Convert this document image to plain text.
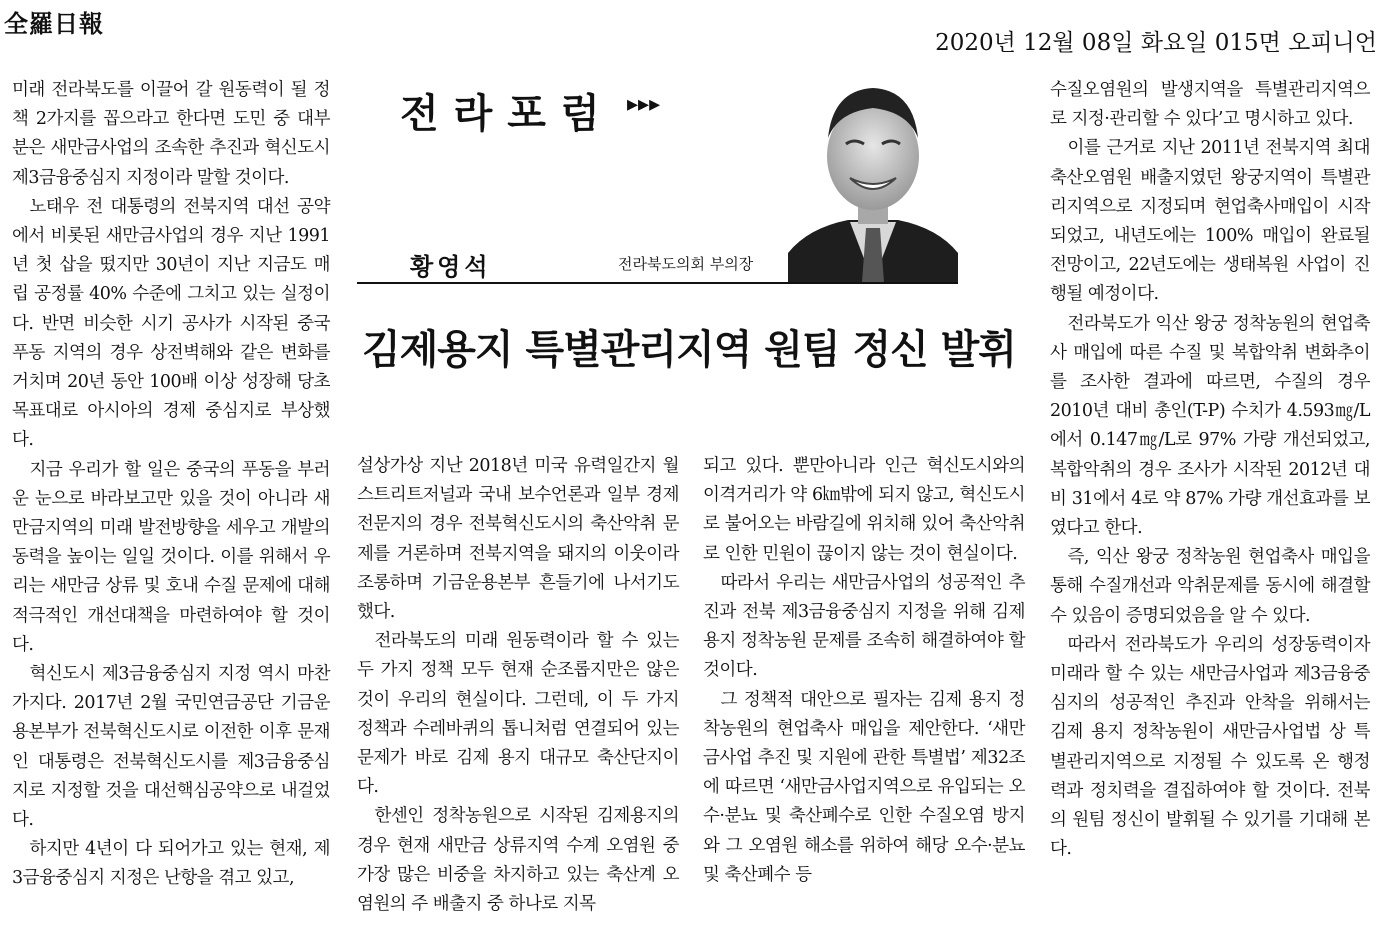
全羅日報
2020년 12월 08일 화요일 015면 오피니언

미래 전라북도를 이끌어 갈 원동력이 될 정책 2가지를 꼽으라고 한다면 도민 중 대부분은 새만금사업의 조속한 추진과 혁신도시 제3금융중심지 지정이라 말할 것이다.

노태우 전 대통령의 전북지역 대선 공약에서 비롯된 새만금사업의 경우 지난 1991년 첫 삽을 떴지만 30년이 지난 지금도 매립 공정률 40% 수준에 그치고 있는 실정이다. 반면 비슷한 시기 공사가 시작된 중국 푸동 지역의 경우 상전벽해와 같은 변화를 거치며 20년 동안 100배 이상 성장해 당초 목표대로 아시아의 경제 중심지로 부상했다.

지금 우리가 할 일은 중국의 푸동을 부러운 눈으로 바라보고만 있을 것이 아니라 새만금지역의 미래 발전방향을 세우고 개발의 동력을 높이는 일일 것이다. 이를 위해서 우리는 새만금 상류 및 호내 수질 문제에 대해 적극적인 개선대책을 마련하여야 할 것이다.

혁신도시 제3금융중심지 지정 역시 마찬가지다. 2017년 2월 국민연금공단 기금운용본부가 전북혁신도시로 이전한 이후 문재인 대통령은 전북혁신도시를 제3금융중심지로 지정할 것을 대선핵심공약으로 내걸었다.

하지만 4년이 다 되어가고 있는 현재, 제3금융중심지 지정은 난항을 겪고 있고,

전라포럼 ▸▸▸
황영석	전라북도의회 부의장
김제용지 특별관리지역 원팀 정신 발휘

설상가상 지난 2018년 미국 유력일간지 월스트리트저널과 국내 보수언론과 일부 경제전문지의 경우 전북혁신도시의 축산악취 문제를 거론하며 전북지역을 돼지의 이웃이라 조롱하며 기금운용본부 흔들기에 나서기도 했다.

전라북도의 미래 원동력이라 할 수 있는 두 가지 정책 모두 현재 순조롭지만은 않은 것이 우리의 현실이다. 그런데, 이 두 가지 정책과 수레바퀴의 톱니처럼 연결되어 있는 문제가 바로 김제 용지 대규모 축산단지이다.

한센인 정착농원으로 시작된 김제용지의 경우 현재 새만금 상류지역 수계 오염원 중 가장 많은 비중을 차지하고 있는 축산계 오염원의 주 배출지 중 하나로 지목

되고 있다. 뿐만아니라 인근 혁신도시와의 이격거리가 약 6㎞밖에 되지 않고, 혁신도시로 불어오는 바람길에 위치해 있어 축산악취로 인한 민원이 끊이지 않는 것이 현실이다.

따라서 우리는 새만금사업의 성공적인 추진과 전북 제3금융중심지 지정을 위해 김제 용지 정착농원 문제를 조속히 해결하여야 할 것이다.

그 정책적 대안으로 필자는 김제 용지 정착농원의 현업축사 매입을 제안한다. ‘새만금사업 추진 및 지원에 관한 특별법’ 제32조에 따르면 ‘새만금사업지역으로 유입되는 오수·분뇨 및 축산폐수로 인한 수질오염 방지와 그 오염원 해소를 위하여 해당 오수·분뇨 및 축산폐수 등

수질오염원의 발생지역을 특별관리지역으로 지정·관리할 수 있다’고 명시하고 있다.

이를 근거로 지난 2011년 전북지역 최대 축산오염원 배출지였던 왕궁지역이 특별관리지역으로 지정되며 현업축사매입이 시작되었고, 내년도에는 100% 매입이 완료될 전망이고, 22년도에는 생태복원 사업이 진행될 예정이다.

전라북도가 익산 왕궁 정착농원의 현업축사 매입에 따른 수질 및 복합악취 변화추이를 조사한 결과에 따르면, 수질의 경우 2010년 대비 총인(T-P) 수치가 4.593㎎/L에서 0.147㎎/L로 97% 가량 개선되었고, 복합악취의 경우 조사가 시작된 2012년 대비 31에서 4로 약 87% 가량 개선효과를 보였다고 한다.

즉, 익산 왕궁 정착농원 현업축사 매입을 통해 수질개선과 악취문제를 동시에 해결할 수 있음이 증명되었음을 알 수 있다.

따라서 전라북도가 우리의 성장동력이자 미래라 할 수 있는 새만금사업과 제3금융중심지의 성공적인 추진과 안착을 위해서는 김제 용지 정착농원이 새만금사업법 상 특별관리지역으로 지정될 수 있도록 온 행정력과 정치력을 결집하여야 할 것이다. 전북의 원팀 정신이 발휘될 수 있기를 기대해 본다.
